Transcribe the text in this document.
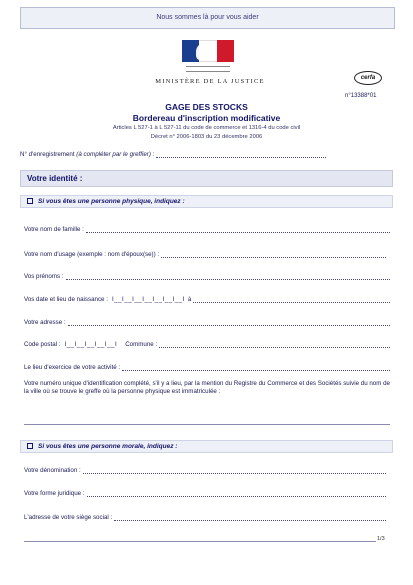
Nous sommes là pour vous aider
MINISTÈRE DE LA JUSTICE	cerfa
n°13388*01
GAGE DES STOCKS
Bordereau d'inscription modificative
Articles L 527-1 à L 527-11 du code de commerce et 1316-4 du code civil
Décret n° 2006-1803 du 23 décembre 2006
N° d'enregistrement (à compléter par le greffier) :
Votre identité :
Si vous êtes une personne physique, indiquez :
Votre nom de famille :
Votre nom d'usage (exemple : nom d'époux(se)) :
Vos prénoms :
Vos date et lieu de naissance : I__I__I__I__I__I__I__I à
Votre adresse :
Code postal : I__I__I__I__I__I Commune :
Le lieu d'exercice de votre activité :
Votre numéro unique d'identification complété, s'il y a lieu, par la mention du Registre du Commerce et des Sociétés suivie du nom de la ville où se trouve le greffe où la personne physique est immatriculée :
Si vous êtes une personne morale, indiquez :
Votre dénomination :
Votre forme juridique :
L'adresse de votre siège social :
1/3
